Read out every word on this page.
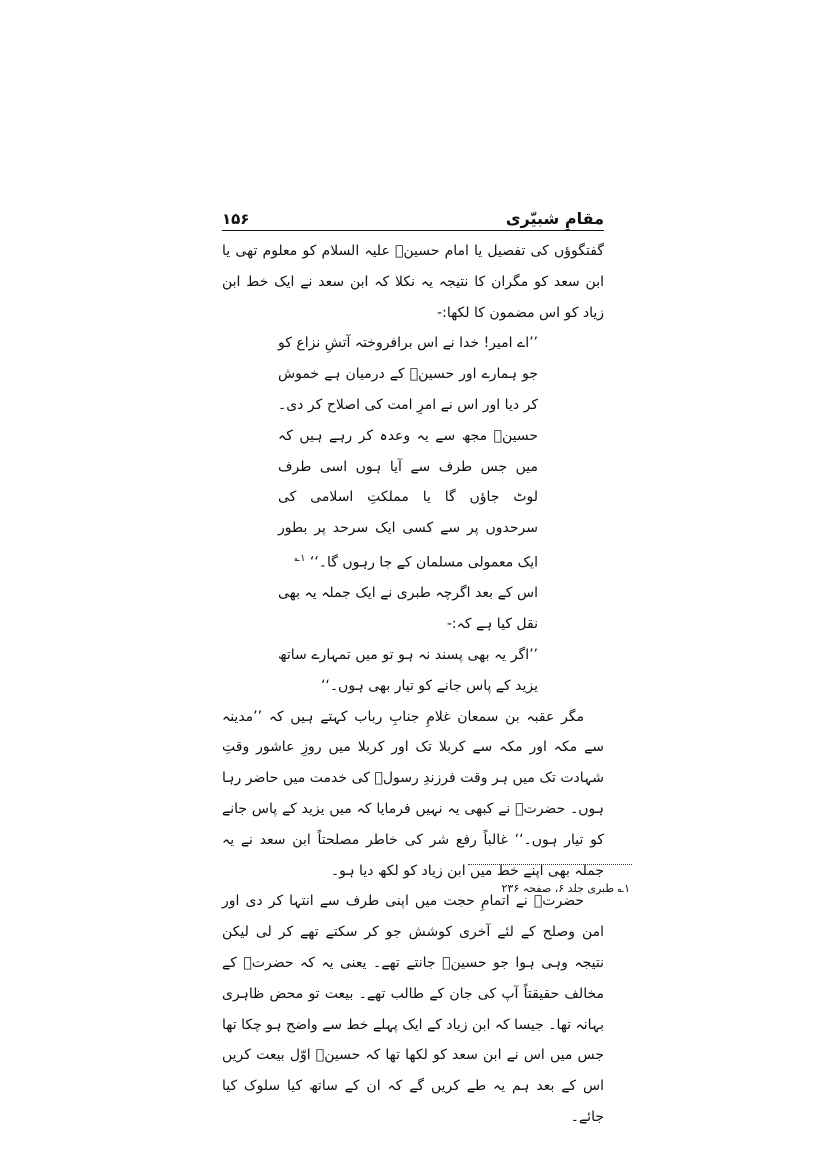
۱۵۶	مقامِ شبیّری

گفتگوؤں کی تفصیل یا امام حسینؑ علیہ السلام کو معلوم تھی یا ابن سعد کو مگران کا نتیجہ یہ نکلا کہ ابن سعد نے ایک خط ابن زیاد کو اس مضمون کا لکھا:-

’’اے امیر! خدا نے اس برافروختہ آتشِ نزاع کو جو ہمارے اور حسینؑ کے درمیان ہے خموش کر دیا اور اس نے امرِ امت کی اصلاح کر دی۔ حسینؑ مجھ سے یہ وعدہ کر رہے ہیں کہ میں جس طرف سے آیا ہوں اسی طرف لوٹ جاؤں گا یا مملکتِ اسلامی کی سرحدوں پر سے کسی ایک سرحد پر بطور ایک معمولی مسلمان کے جا رہوں گا۔‘‘ $^{۱؎}$

اس کے بعد اگرچہ طبری نے ایک جملہ یہ بھی نقل کیا ہے کہ:-

’’اگر یہ بھی پسند نہ ہو تو میں تمہارے ساتھ یزید کے پاس جانے کو تیار بھی ہوں۔‘‘

مگر عقبہ بن سمعان غلامِ جنابِ رباب کہتے ہیں کہ ’’مدینہ سے مکہ اور مکہ سے کربلا تک اور کربلا میں روزِ عاشور وقتِ شہادت تک میں ہر وقت فرزندِ رسولؐ کی خدمت میں حاضر رہا ہوں۔ حضرتؑ نے کبھی یہ نہیں فرمایا کہ میں یزید کے پاس جانے کو تیار ہوں۔‘‘ غالباً رفع شر کی خاطر مصلحتاً ابن سعد نے یہ جملہ بھی اپنے خط میں ابن زیاد کو لکھ دیا ہو۔

حضرتؑ نے اتمامِ حجت میں اپنی طرف سے انتہا کر دی اور امن وصلح کے لئے آخری کوشش جو کر سکتے تھے کر لی لیکن نتیجہ وہی ہوا جو حسینؑ جانتے تھے۔ یعنی یہ کہ حضرتؑ کے مخالف حقیقتاً آپ کی جان کے طالب تھے۔ بیعت تو محض ظاہری بہانہ تھا۔ جیسا کہ ابن زیاد کے ایک پہلے خط سے واضح ہو چکا تھا جس میں اس نے ابن سعد کو لکھا تھا کہ حسینؑ اوّل بیعت کریں اس کے بعد ہم یہ طے کریں گے کہ ان کے ساتھ کیا سلوک کیا جائے۔

۱؎ طبری جلد ۶، صفحہ ۲۳۶
